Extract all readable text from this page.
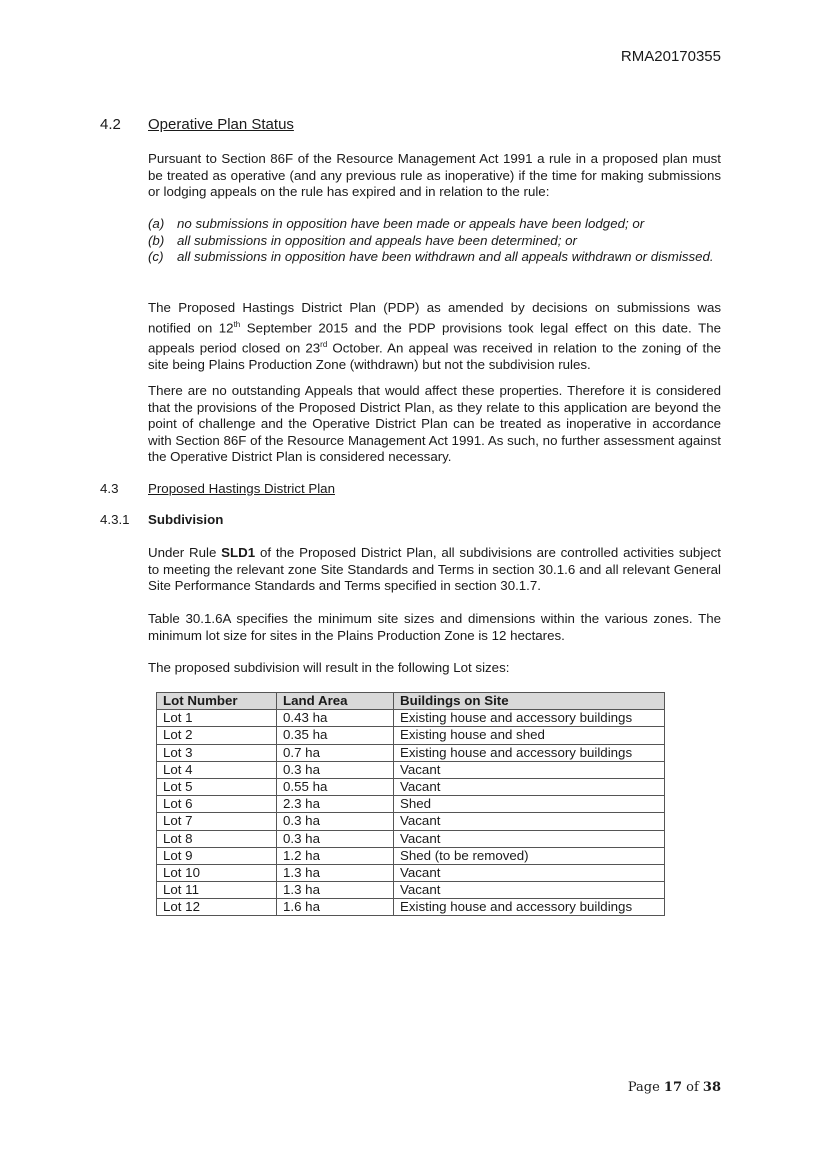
RMA20170355
4.2 Operative Plan Status

Pursuant to Section 86F of the Resource Management Act 1991 a rule in a proposed plan must be treated as operative (and any previous rule as inoperative) if the time for making submissions or lodging appeals on the rule has expired and in relation to the rule:

(a) no submissions in opposition have been made or appeals have been lodged; or
(b) all submissions in opposition and appeals have been determined; or
(c) all submissions in opposition have been withdrawn and all appeals withdrawn or dismissed.

The Proposed Hastings District Plan (PDP) as amended by decisions on submissions was notified on 12th September 2015 and the PDP provisions took legal effect on this date. The appeals period closed on 23rd October. An appeal was received in relation to the zoning of the site being Plains Production Zone (withdrawn) but not the subdivision rules.

There are no outstanding Appeals that would affect these properties. Therefore it is considered that the provisions of the Proposed District Plan, as they relate to this application are beyond the point of challenge and the Operative District Plan can be treated as inoperative in accordance with Section 86F of the Resource Management Act 1991. As such, no further assessment against the Operative District Plan is considered necessary.

4.3 Proposed Hastings District Plan
4.3.1 Subdivision

Under Rule SLD1 of the Proposed District Plan, all subdivisions are controlled activities subject to meeting the relevant zone Site Standards and Terms in section 30.1.6 and all relevant General Site Performance Standards and Terms specified in section 30.1.7.

Table 30.1.6A specifies the minimum site sizes and dimensions within the various zones. The minimum lot size for sites in the Plains Production Zone is 12 hectares.

The proposed subdivision will result in the following Lot sizes:

Lot Number	Land Area	Buildings on Site
Lot 1	0.43 ha	Existing house and accessory buildings
Lot 2	0.35 ha	Existing house and shed
Lot 3	0.7 ha	Existing house and accessory buildings
Lot 4	0.3 ha	Vacant
Lot 5	0.55 ha	Vacant
Lot 6	2.3 ha	Shed
Lot 7	0.3 ha	Vacant
Lot 8	0.3 ha	Vacant
Lot 9	1.2 ha	Shed (to be removed)
Lot 10	1.3 ha	Vacant
Lot 11	1.3 ha	Vacant
Lot 12	1.6 ha	Existing house and accessory buildings
Page 17 of 38
